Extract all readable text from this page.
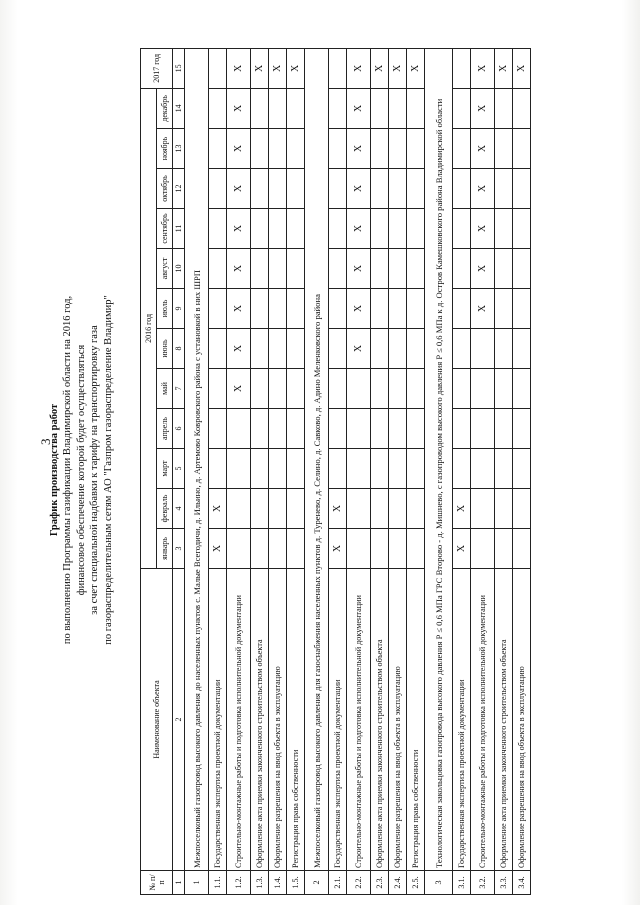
3
График производства работ по выполнению Программы газификации Владимирской области на 2016 год, финансовое обеспечение которой будет осуществляться за счет специальной надбавки к тарифу на транспортировку газа по газораспределительным сетям АО "Газпром газораспределение Владимир"
№ п/п	Наименование объекта	2016 год												2017 год
		январь	февраль	март	апрель	май	июнь	июль	август	сентябрь	октябрь	ноябрь	декабрь	
1	2	3	4	5	6	7	8	9	10	11	12	13	14	15
1	Межпоселковый газопровод высокого давления до населенных пунктов с. Малые Всегодичи, д. Ильино, д. Артемово Ковровского района с установкой в них ШРП													
1.1.	Государственная экспертиза проектной документации	X	X											
1.2.	Строительно-монтажные работы и подготовка исполнительной документации					X	X	X	X	X	X	X	X	X
1.3.	Оформление акта приемки законченного строительством объекта													X
1.4.	Оформление разрешения на ввод объекта в эксплуатацию													X
1.5.	Регистрация права собственности													X
2	Межпоселковый газопровод высокого давления для газоснабжения населенных пунктов д. Туренево, д. Селино, д. Савково, д. Адино Меленковского района													
2.1.	Государственная экспертиза проектной документации	X	X											
2.2.	Строительно-монтажные работы и подготовка исполнительной документации						X	X	X	X	X	X	X	X
2.3.	Оформление акта приемки законченного строительством объекта													X
2.4.	Оформление разрешения на ввод объекта в эксплуатацию													X
2.5.	Регистрация права собственности													X
3	Технологическая закольцовка газопровода высокого давления P ≤ 0,6 МПа ГРС Второво - д. Мишнево, с газопроводом высокого давления P ≤ 0,6 МПа к д. Остров Камешковского района Владимирской области													
3.1.	Государственная экспертиза проектной документации	X	X											
3.2.	Строительно-монтажные работы и подготовка исполнительной документации							X	X	X	X	X	X	X
3.3.	Оформление акта приемки законченного строительством объекта													X
3.4.	Оформление разрешения на ввод объекта в эксплуатацию													X
